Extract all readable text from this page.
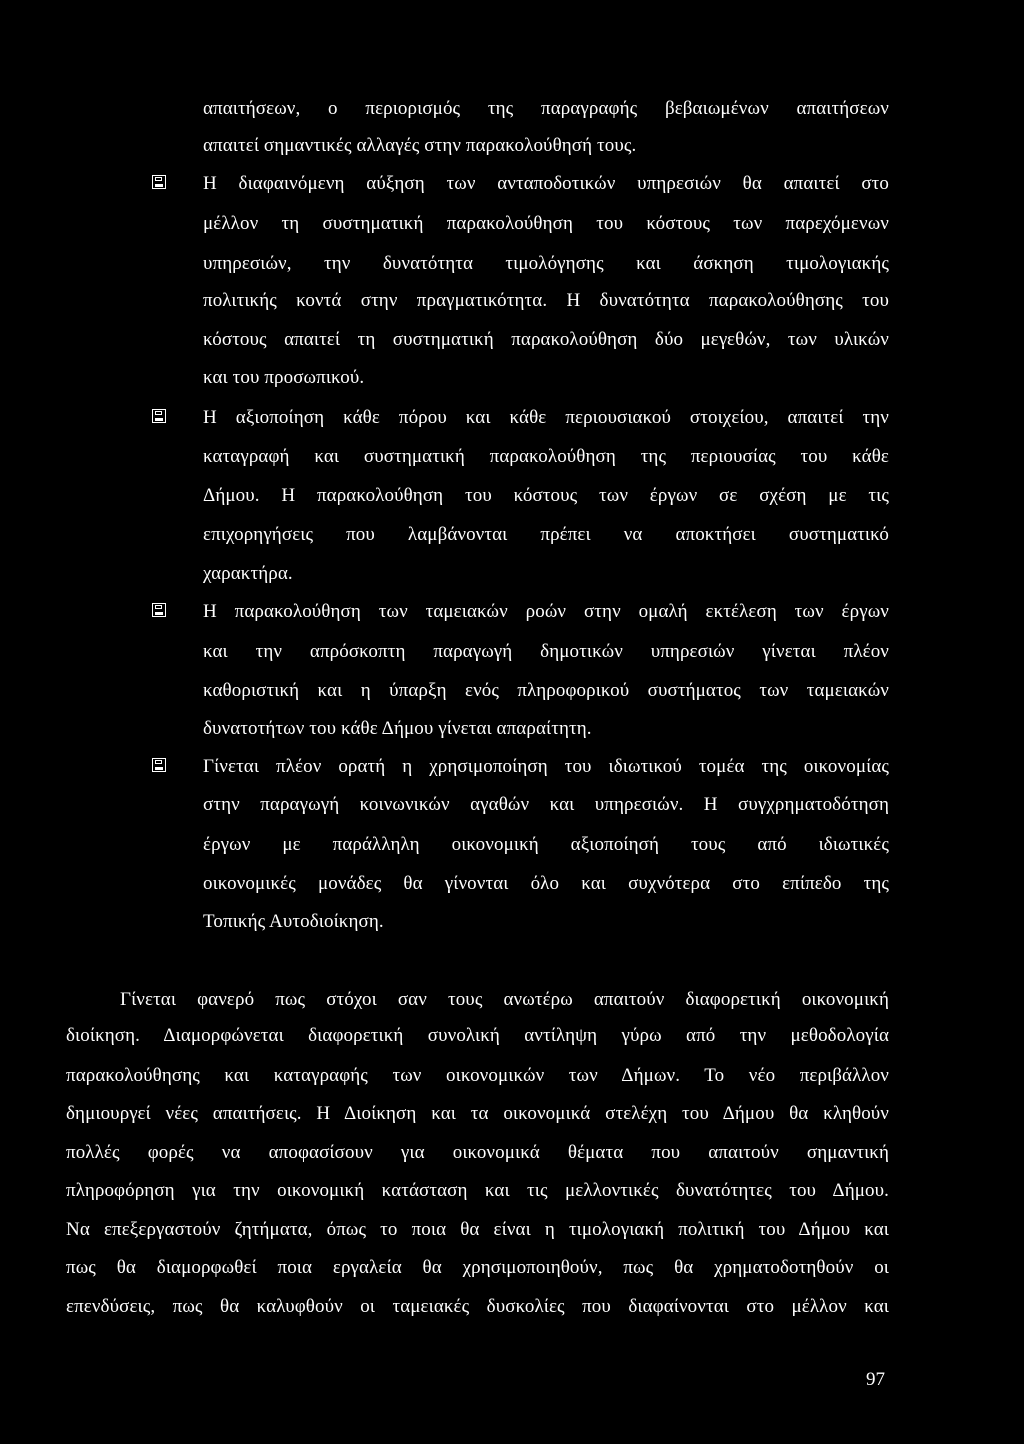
απαιτήσεων, ο περιορισμός της παραγραφής βεβαιωμένων απαιτήσεων
απαιτεί σημαντικές αλλαγές στην παρακολούθησή τους.
Η διαφαινόμενη αύξηση των ανταποδοτικών υπηρεσιών θα απαιτεί στο
μέλλον τη συστηματική παρακολούθηση του κόστους των παρεχόμενων
υπηρεσιών, την δυνατότητα τιμολόγησης και άσκηση τιμολογιακής
πολιτικής κοντά στην πραγματικότητα. Η δυνατότητα παρακολούθησης του
κόστους απαιτεί τη συστηματική παρακολούθηση δύο μεγεθών, των υλικών
και του προσωπικού.
Η αξιοποίηση κάθε πόρου και κάθε περιουσιακού στοιχείου, απαιτεί την
καταγραφή και συστηματική παρακολούθηση της περιουσίας του κάθε
Δήμου. Η παρακολούθηση του κόστους των έργων σε σχέση με τις
επιχορηγήσεις που λαμβάνονται πρέπει να αποκτήσει συστηματικό
χαρακτήρα.
Η παρακολούθηση των ταμειακών ροών στην ομαλή εκτέλεση των έργων
και την απρόσκοπτη παραγωγή δημοτικών υπηρεσιών γίνεται πλέον
καθοριστική και η ύπαρξη ενός πληροφορικού συστήματος των ταμειακών
δυνατοτήτων του κάθε Δήμου γίνεται απαραίτητη.
Γίνεται πλέον ορατή η χρησιμοποίηση του ιδιωτικού τομέα της οικονομίας
στην παραγωγή κοινωνικών αγαθών και υπηρεσιών. Η συγχρηματοδότηση
έργων με παράλληλη οικονομική αξιοποίησή τους από ιδιωτικές
οικονομικές μονάδες θα γίνονται όλο και συχνότερα στο επίπεδο της
Τοπικής Αυτοδιοίκηση.
Γίνεται φανερό πως στόχοι σαν τους ανωτέρω απαιτούν διαφορετική οικονομική
διοίκηση. Διαμορφώνεται διαφορετική συνολική αντίληψη γύρω από την μεθοδολογία
παρακολούθησης και καταγραφής των οικονομικών των Δήμων. Το νέο περιβάλλον
δημιουργεί νέες απαιτήσεις. Η Διοίκηση και τα οικονομικά στελέχη του Δήμου θα κληθούν
πολλές φορές να αποφασίσουν για οικονομικά θέματα που απαιτούν σημαντική
πληροφόρηση για την οικονομική κατάσταση και τις μελλοντικές δυνατότητες του Δήμου.
Να επεξεργαστούν ζητήματα, όπως το ποια θα είναι η τιμολογιακή πολιτική του Δήμου και
πως θα διαμορφωθεί ποια εργαλεία θα χρησιμοποιηθούν, πως θα χρηματοδοτηθούν οι
επενδύσεις, πως θα καλυφθούν οι ταμειακές δυσκολίες που διαφαίνονται στο μέλλον και
97
